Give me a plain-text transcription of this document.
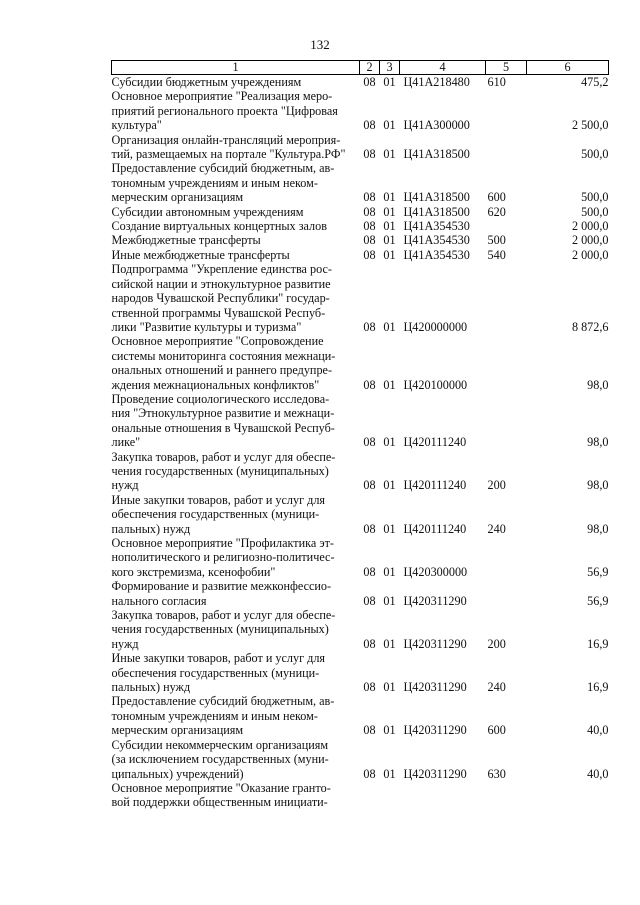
132
1	2	3	4	5	6
Субсидии бюджетным учреждениям	08	01	Ц41А218480	610	475,2
Основное мероприятие "Реализация меро-
приятий регионального проекта "Цифровая
культура"	08	01	Ц41А300000		2 500,0
Организация онлайн-трансляций мероприя-
тий, размещаемых на портале "Культура.РФ"	08	01	Ц41А318500		500,0
Предоставление субсидий бюджетным, ав-
тономным учреждениям и иным неком-
мерческим организациям	08	01	Ц41А318500	600	500,0
Субсидии автономным учреждениям	08	01	Ц41А318500	620	500,0
Создание виртуальных концертных залов	08	01	Ц41А354530		2 000,0
Межбюджетные трансферты	08	01	Ц41А354530	500	2 000,0
Иные межбюджетные трансферты	08	01	Ц41А354530	540	2 000,0
Подпрограмма "Укрепление единства рос-
сийской нации и этнокультурное развитие
народов Чувашской Республики" государ-
ственной программы Чувашской Респуб-
лики "Развитие культуры и туризма"	08	01	Ц420000000		8 872,6
Основное мероприятие "Сопровождение
системы мониторинга состояния межнаци-
ональных отношений и раннего предупре-
ждения межнациональных конфликтов"	08	01	Ц420100000		98,0
Проведение социологического исследова-
ния "Этнокультурное развитие и межнаци-
ональные отношения в Чувашской Респуб-
лике"	08	01	Ц420111240		98,0
Закупка товаров, работ и услуг для обеспе-
чения государственных (муниципальных)
нужд	08	01	Ц420111240	200	98,0
Иные закупки товаров, работ и услуг для
обеспечения государственных (муници-
пальных) нужд	08	01	Ц420111240	240	98,0
Основное мероприятие "Профилактика эт-
нополитического и религиозно-политичес-
кого экстремизма, ксенофобии"	08	01	Ц420300000		56,9
Формирование и развитие межконфессио-
нального согласия	08	01	Ц420311290		56,9
Закупка товаров, работ и услуг для обеспе-
чения государственных (муниципальных)
нужд	08	01	Ц420311290	200	16,9
Иные закупки товаров, работ и услуг для
обеспечения государственных (муници-
пальных) нужд	08	01	Ц420311290	240	16,9
Предоставление субсидий бюджетным, ав-
тономным учреждениям и иным неком-
мерческим организациям	08	01	Ц420311290	600	40,0
Субсидии некоммерческим организациям
(за исключением государственных (муни-
ципальных) учреждений)	08	01	Ц420311290	630	40,0
Основное мероприятие "Оказание грантo-
вой поддержки общественным инициати-					
